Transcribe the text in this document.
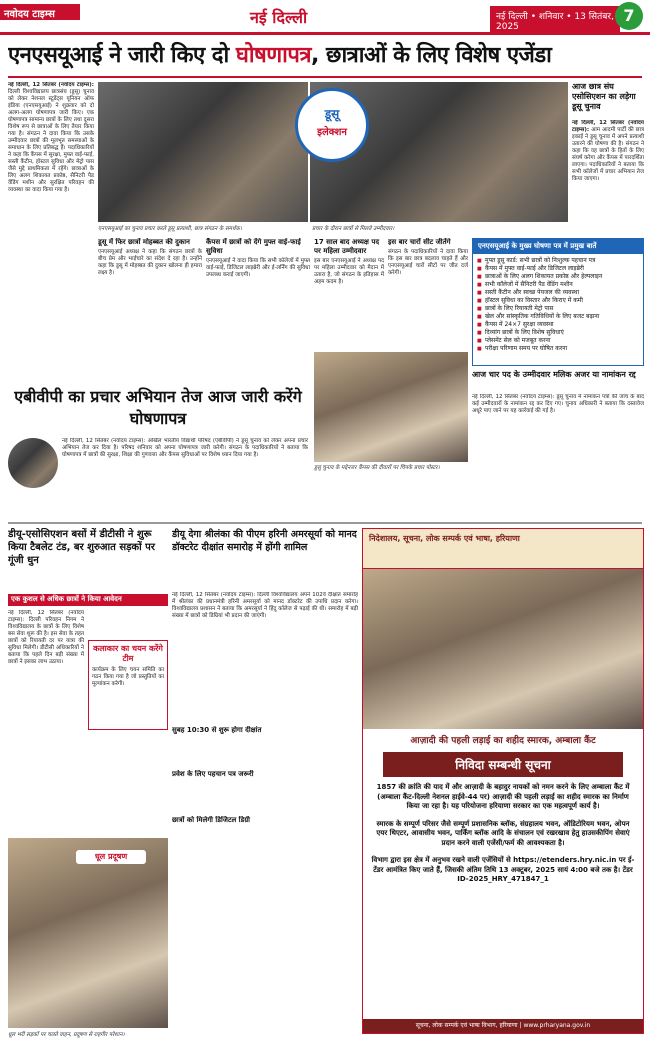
नवोदय टाइम्स	नई दिल्ली	नई दिल्ली • शनिवार • 13 सितंबर, 2025
7
एनएसयूआई ने जारी किए दो घोषणापत्र, छात्राओं के लिए विशेष एजेंडा
नई दिल्ली, 12 सितंबर (नवोदय टाइम्स): दिल्ली विश्वविद्यालय छात्रसंघ (डूसू) चुनाव को लेकर नेशनल स्टूडेंट्स यूनियन ऑफ इंडिया (एनएसयूआई) ने शुक्रवार को दो अलग-अलग घोषणापत्र जारी किए। एक घोषणापत्र सामान्य छात्रों के लिए तथा दूसरा विशेष रूप से छात्राओं के लिए तैयार किया गया है। संगठन ने दावा किया कि उसके उम्मीदवार छात्रों की मूलभूत समस्याओं के समाधान के लिए प्रतिबद्ध हैं। पदाधिकारियों ने कहा कि कैंपस में सुरक्षा, मुफ्त वाई-फाई, सस्ती कैंटीन, हॉस्टल सुविधा और मेट्रो पास जैसे मुद्दे प्राथमिकता में रहेंगे। छात्राओं के लिए अलग शिकायत प्रकोष्ठ, सैनिटरी पैड वेंडिंग मशीन और सुरक्षित परिवहन की व्यवस्था का वादा किया गया है।
डूसू
इलेक्शन
एनएसयूआई का चुनाव प्रचार करते डूसू प्रत्याशी, छात्र संगठन के समर्थक।	प्रचार के दौरान छात्रों से मिलते उम्मीदवार।
आज छात्र संघ एसोसिएशन का लड़ेगा डूसू चुनाव
नई दिल्ली, 12 सितंबर (नवोदय टाइम्स): आम आदमी पार्टी की छात्र इकाई ने डूसू चुनाव में अपने प्रत्याशी उतारने की घोषणा की है। संगठन ने कहा कि वह छात्रों के हितों के लिए संघर्ष करेगा और कैंपस में पारदर्शिता लाएगा। पदाधिकारियों ने बताया कि सभी कॉलेजों में प्रचार अभियान तेज किया जाएगा।
डूसू में फिर छात्रों मोहब्बत की दुकान
एनएसयूआई अध्यक्ष ने कहा कि संगठन छात्रों के बीच प्रेम और भाईचारे का संदेश दे रहा है। उन्होंने कहा कि डूसू में मोहब्बत की दुकान खोलना ही हमारा लक्ष्य है।
कैंपस में छात्रों को देंगे मुफ्त वाई-फाई सुविधा
एनएसयूआई ने वादा किया कि सभी कॉलेजों में मुफ्त वाई-फाई, डिजिटल लाइब्रेरी और ई-लर्निंग की सुविधा उपलब्ध कराई जाएगी।
17 साल बाद अध्यक्ष पद पर महिला उम्मीदवार
इस बार एनएसयूआई ने अध्यक्ष पद पर महिला उम्मीदवार को मैदान में उतारा है, जो संगठन के इतिहास में अहम कदम है।
इस बार चारों सीट जीतेंगे
संगठन के पदाधिकारियों ने दावा किया कि इस बार छात्र बदलाव चाहते हैं और एनएसयूआई चारों सीटों पर जीत दर्ज करेगी।
एनएसयूआई के मुख्य घोषणा पत्र में प्रमुख बातें
■ मुफ्त डूसू कार्ड: सभी छात्रों को निःशुल्क पहचान पत्र
■ कैंपस में मुफ्त वाई-फाई और डिजिटल लाइब्रेरी
■ छात्राओं के लिए अलग शिकायत प्रकोष्ठ और हेल्पलाइन
■ सभी कॉलेजों में सैनिटरी पैड वेंडिंग मशीन
■ सस्ती कैंटीन और स्वच्छ पेयजल की व्यवस्था
■ हॉस्टल सुविधा का विस्तार और किराए में कमी
■ छात्रों के लिए रियायती मेट्रो पास
■ खेल और सांस्कृतिक गतिविधियों के लिए बजट बढ़ाना
■ कैंपस में 24×7 सुरक्षा व्यवस्था
■ दिव्यांग छात्रों के लिए विशेष सुविधाएं
■ प्लेसमेंट सेल को मजबूत करना
■ परीक्षा परिणाम समय पर घोषित करना
डूसू चुनाव के मद्देनजर कैंपस की दीवारों पर चिपके प्रचार पोस्टर।
आज चार पद के उम्मीदवार मलिक अजर या नामांकन रद्द
नई दिल्ली, 12 सितंबर (नवोदय टाइम्स): डूसू चुनाव में नामांकन पत्रों की जांच के बाद कई उम्मीदवारों के नामांकन रद्द कर दिए गए। चुनाव अधिकारी ने बताया कि दस्तावेज अधूरे पाए जाने पर यह कार्रवाई की गई है।
एबीवीपी का प्रचार अभियान तेज आज जारी करेंगे घोषणापत्र
नई दिल्ली, 12 सितंबर (नवोदय टाइम्स): अखिल भारतीय विद्यार्थी परिषद (एबीवीपी) ने डूसू चुनाव को लेकर अपना प्रचार अभियान तेज कर दिया है। परिषद शनिवार को अपना घोषणापत्र जारी करेगी। संगठन के पदाधिकारियों ने बताया कि घोषणापत्र में छात्रों की सुरक्षा, शिक्षा की गुणवत्ता और कैंपस सुविधाओं पर विशेष ध्यान दिया गया है।
डीयू-एसोसिएशन बसों में डीटीसी ने शुरू किया टैबलेट टंड, बर शुरुआत सड़कों पर गूंजी धुन
एक कुशल से अधिक छात्रों ने किया आवेदन
नई दिल्ली, 12 सितंबर (नवोदय टाइम्स): दिल्ली परिवहन निगम ने विश्वविद्यालय के छात्रों के लिए विशेष बस सेवा शुरू की है। इस सेवा के तहत छात्रों को रियायती दर पर यात्रा की सुविधा मिलेगी। डीटीसी अधिकारियों ने बताया कि पहले दिन बड़ी संख्या में छात्रों ने इसका लाभ उठाया।
कलाकार का चयन करेंगे टीम
कार्यक्रम के लिए चयन समिति का गठन किया गया है जो प्रस्तुतियों का मूल्यांकन करेगी।
डीयू देगा श्रीलंका की पीएम हरिनी अमरसूर्या को मानद डॉक्टरेट दीक्षांत समारोह में होंगी शामिल
नई दिल्ली, 12 सितंबर (नवोदय टाइम्स): दिल्ली विश्वविद्यालय अपने 102वें दीक्षांत समारोह में श्रीलंका की प्रधानमंत्री हरिनी अमरसूर्या को मानद डॉक्टरेट की उपाधि प्रदान करेगा। विश्वविद्यालय प्रशासन ने बताया कि अमरसूर्या ने हिंदू कॉलेज से पढ़ाई की थी। समारोह में बड़ी संख्या में छात्रों को डिग्रियां भी प्रदान की जाएंगी।
सुबह 10:30 से शुरू होगा दीक्षांत
प्रवेश के लिए पहचान पत्र जरूरी
छात्रों को मिलेगी डिजिटल डिग्री
धूल प्रदूषण
धूल भरी सड़कों पर चलते वाहन, प्रदूषण से राहगीर परेशान।
निदेशालय, सूचना, लोक सम्पर्क एवं भाषा, हरियाणा
आज़ादी की पहली लड़ाई का शहीद स्मारक, अम्बाला कैंट
निविदा सम्बन्धी सूचना
1857 की क्रांति की याद में और आज़ादी के बहादुर नायकों को नमन करने के लिए अम्बाला कैंट में (अम्बाला कैंट-दिल्ली नेशनल हाईवे-44 पर) आज़ादी की पहली लड़ाई का शहीद स्मारक का निर्माण किया जा रहा है। यह परियोजना हरियाणा सरकार का एक महत्वपूर्ण कार्य है।
स्मारक के सम्पूर्ण परिसर जैसे सम्पूर्ण प्रशासनिक ब्लॉक, संग्रहालय भवन, ऑडिटोरियम भवन, ओपन एयर थिएटर, आवासीय भवन, पार्किंग ब्लॉक आदि के संचालन एवं रखरखाव हेतु हाउसकीपिंग सेवाएं प्रदान करने वाली एजेंसी/फर्म की आवश्यकता है।
विभाग द्वारा इस क्षेत्र में अनुभव रखने वाली एजेंसियों से https://etenders.hry.nic.in पर ई-टेंडर आमंत्रित किए जाते हैं, जिसकी अंतिम तिथि 13 अक्टूबर, 2025 सायं 4:00 बजे तक है। टेंडर ID-2025_HRY_471847_1
सूचना, लोक सम्पर्क एवं भाषा विभाग, हरियाणा | www.prharyana.gov.in
